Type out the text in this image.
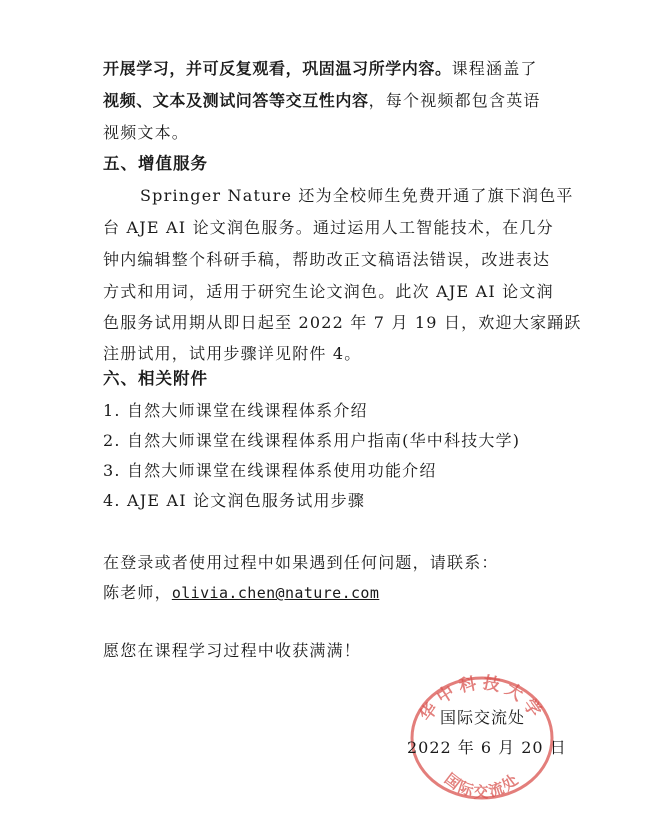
开展学习，并可反复观看，巩固温习所学内容。课程涵盖了
视频、文本及测试问答等交互性内容，每个视频都包含英语
视频文本。
五、增值服务
Springer Nature 还为全校师生免费开通了旗下润色平
台 AJE AI 论文润色服务。通过运用人工智能技术，在几分
钟内编辑整个科研手稿，帮助改正文稿语法错误，改进表达
方式和用词，适用于研究生论文润色。此次 AJE AI 论文润
色服务试用期从即日起至 2022 年 7 月 19 日，欢迎大家踊跃
注册试用，试用步骤详见附件 4。
六、相关附件
1. 自然大师课堂在线课程体系介绍
2. 自然大师课堂在线课程体系用户指南(华中科技大学)
3. 自然大师课堂在线课程体系使用功能介绍
4. AJE AI 论文润色服务试用步骤
在登录或者使用过程中如果遇到任何问题，请联系：
陈老师，olivia.chen@nature.com
愿您在课程学习过程中收获满满！
华中科技大学
国际交流处
国际交流处
2022 年 6 月 20 日
